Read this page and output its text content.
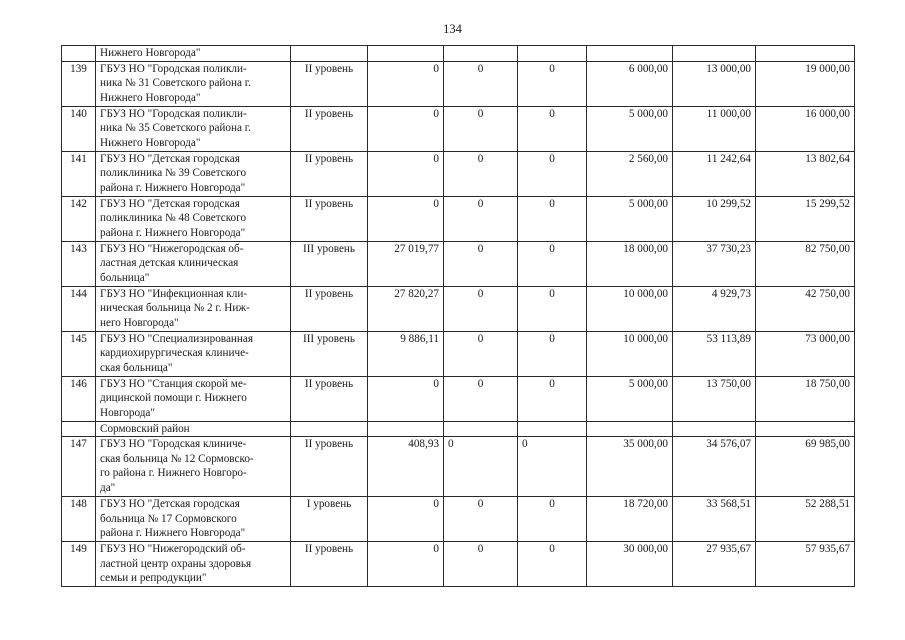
134
	Нижнего Новгорода"							
139	ГБУЗ НО "Городская поликли-
ника № 31 Советского района г.
Нижнего Новгорода"	II уровень	0	0	0	6 000,00	13 000,00	19 000,00
140	ГБУЗ НО "Городская поликли-
ника № 35 Советского района г.
Нижнего Новгорода"	II уровень	0	0	0	5 000,00	11 000,00	16 000,00
141	ГБУЗ НО "Детская городская
поликлиника № 39 Советского
района г. Нижнего Новгорода"	II уровень	0	0	0	2 560,00	11 242,64	13 802,64
142	ГБУЗ НО "Детская городская
поликлиника № 48 Советского
района г. Нижнего Новгорода"	II уровень	0	0	0	5 000,00	10 299,52	15 299,52
143	ГБУЗ НО "Нижегородская об-
ластная детская клиническая
больница"	III уровень	27 019,77	0	0	18 000,00	37 730,23	82 750,00
144	ГБУЗ НО "Инфекционная кли-
ническая больница № 2 г. Ниж-
него Новгорода"	II уровень	27 820,27	0	0	10 000,00	4 929,73	42 750,00
145	ГБУЗ НО "Специализированная
кардиохирургическая клиниче-
ская больница"	III уровень	9 886,11	0	0	10 000,00	53 113,89	73 000,00
146	ГБУЗ НО "Станция скорой ме-
дицинской помощи г. Нижнего
Новгорода"	II уровень	0	0	0	5 000,00	13 750,00	18 750,00
	Сормовский район							
147	ГБУЗ НО "Городская клиниче-
ская больница № 12 Сормовско-
го района г. Нижнего Новгоро-
да"	II уровень	408,93	0	0	35 000,00	34 576,07	69 985,00
148	ГБУЗ НО "Детская городская
больница № 17 Сормовского
района г. Нижнего Новгорода"	I уровень	0	0	0	18 720,00	33 568,51	52 288,51
149	ГБУЗ НО "Нижегородский об-
ластной центр охраны здоровья
семьи и репродукции"	II уровень	0	0	0	30 000,00	27 935,67	57 935,67
